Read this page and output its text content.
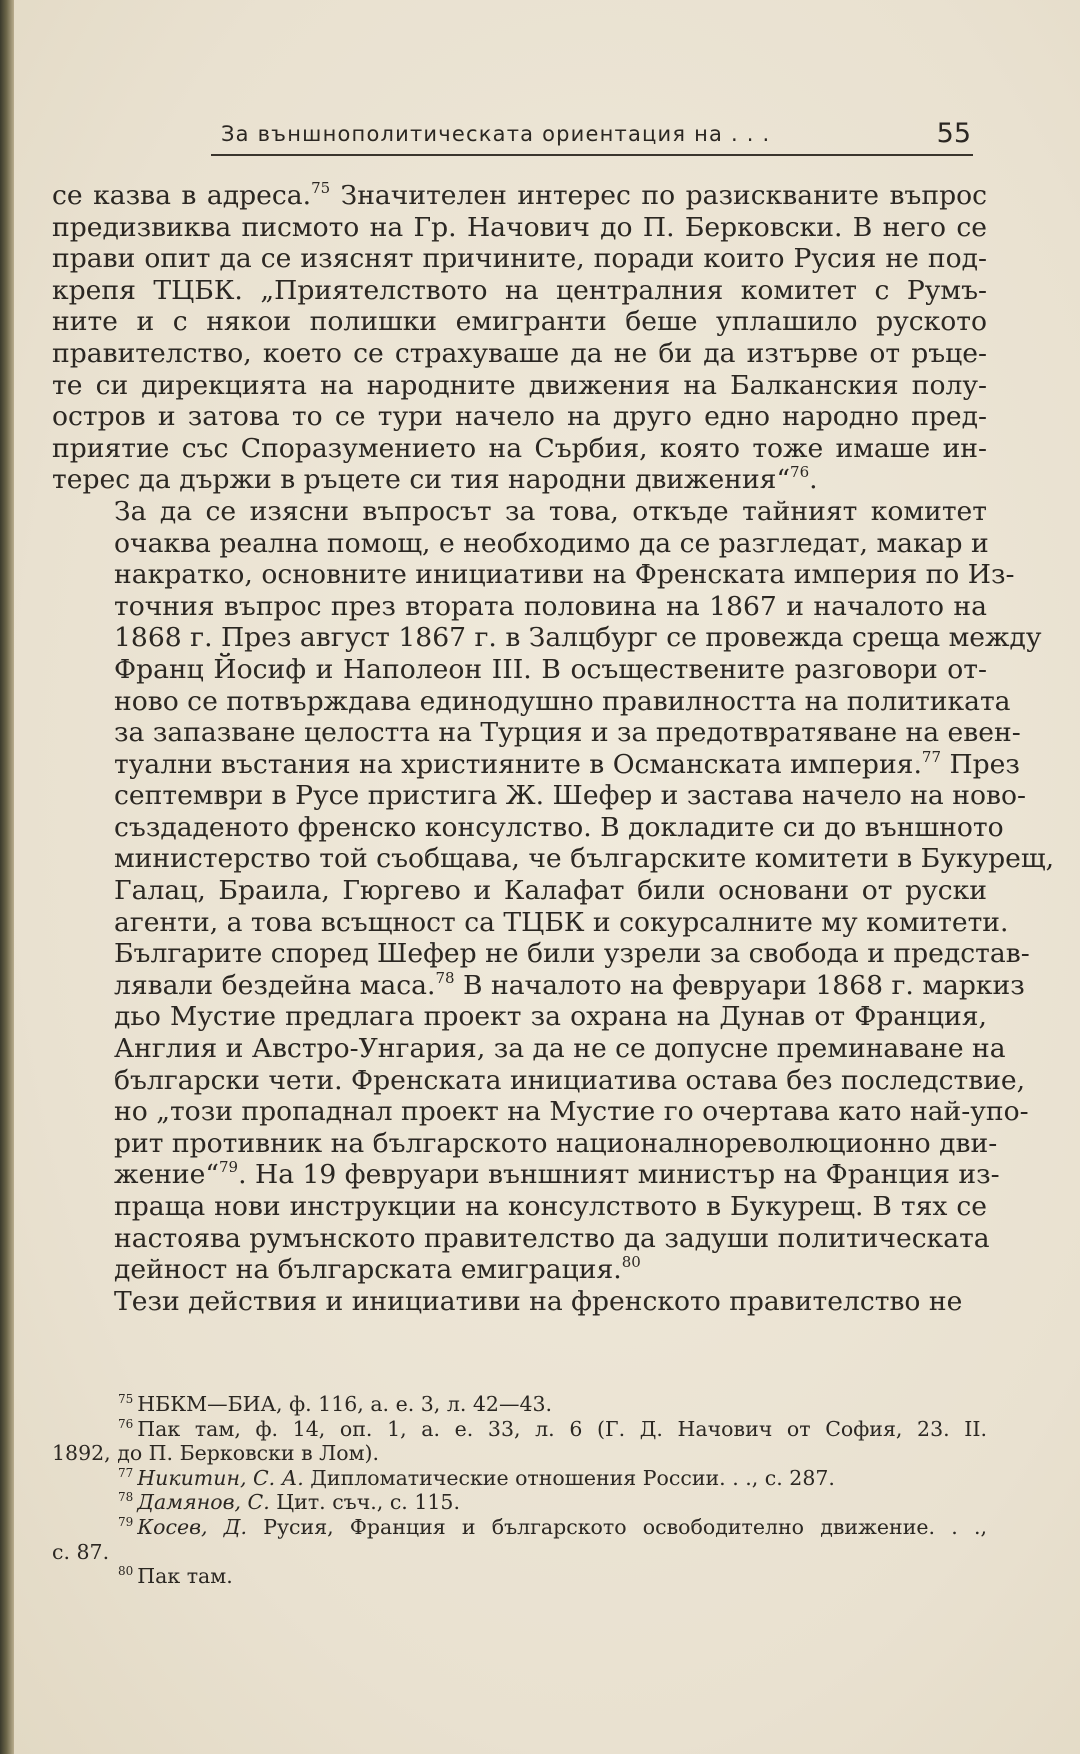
За външнополитическата ориентация на . . .	55

се казва в адреса.$^{75}$ Значителен интерес по разискваните въпрос
предизвиква писмото на Гр. Начович до П. Берковски. В него се
прави опит да се изяснят причините, поради които Русия не под-
крепя ТЦБК. „Приятелството на централния комитет с Румъ-
ните и с някои полишки емигранти беше уплашило руското
правителство, което се страхуваше да не би да изтърве от ръце-
те си дирекцията на народните движения на Балканския полу-
остров и затова то се тури начело на друго едно народно пред-
приятие със Споразумението на Сърбия, която тоже имаше ин-
терес да държи в ръцете си тия народни движения“$^{76}$.

За да се изясни въпросът за това, откъде тайният комитет
очаква реална помощ, е необходимо да се разгледат, макар и
накратко, основните инициативи на Френската империя по Из-
точния въпрос през втората половина на 1867 и началото на
1868 г. През август 1867 г. в Залцбург се провежда среща между
Франц Йосиф и Наполеон III. В осъществените разговори от-
ново се потвърждава единодушно правилността на политиката
за запазване целостта на Турция и за предотвратяване на евен-
туални въстания на християните в Османската империя.$^{77}$ През
септември в Русе пристига Ж. Шефер и застава начело на ново-
създаденото френско консулство. В докладите си до външното
министерство той съобщава, че българските комитети в Букурещ,
Галац, Браила, Гюргево и Калафат били основани от руски
агенти, а това всъщност са ТЦБК и сокурсалните му комитети.
Българите според Шефер не били узрели за свобода и представ-
лявали бездейна маса.$^{78}$ В началото на февруари 1868 г. маркиз
дьо Мустие предлага проект за охрана на Дунав от Франция,
Англия и Австро-Унгария, за да не се допусне преминаване на
български чети. Френската инициатива остава без последствие,
но „този пропаднал проект на Мустие го очертава като най-упо-
рит противник на българското националнореволюционно дви-
жение“$^{79}$. На 19 февруари външният министър на Франция из-
праща нови инструкции на консулството в Букурещ. В тях се
настоява румънското правителство да задуши политическата
дейност на българската емиграция.$^{80}$

Тези действия и инициативи на френското правителство не

$^{75}$ НБКМ—БИА, ф. 116, а. е. 3, л. 42—43.
$^{76}$ Пак там, ф. 14, оп. 1, а. е. 33, л. 6 (Г. Д. Начович от София, 23. II.
1892, до П. Берковски в Лом).
$^{77}$ Никитин, С. А. Дипломатические отношения России. . ., с. 287.
$^{78}$ Дамянов, С. Цит. съч., с. 115.
$^{79}$ Косев, Д. Русия, Франция и българското освободително движение. . .,
с. 87.
$^{80}$ Пак там.
